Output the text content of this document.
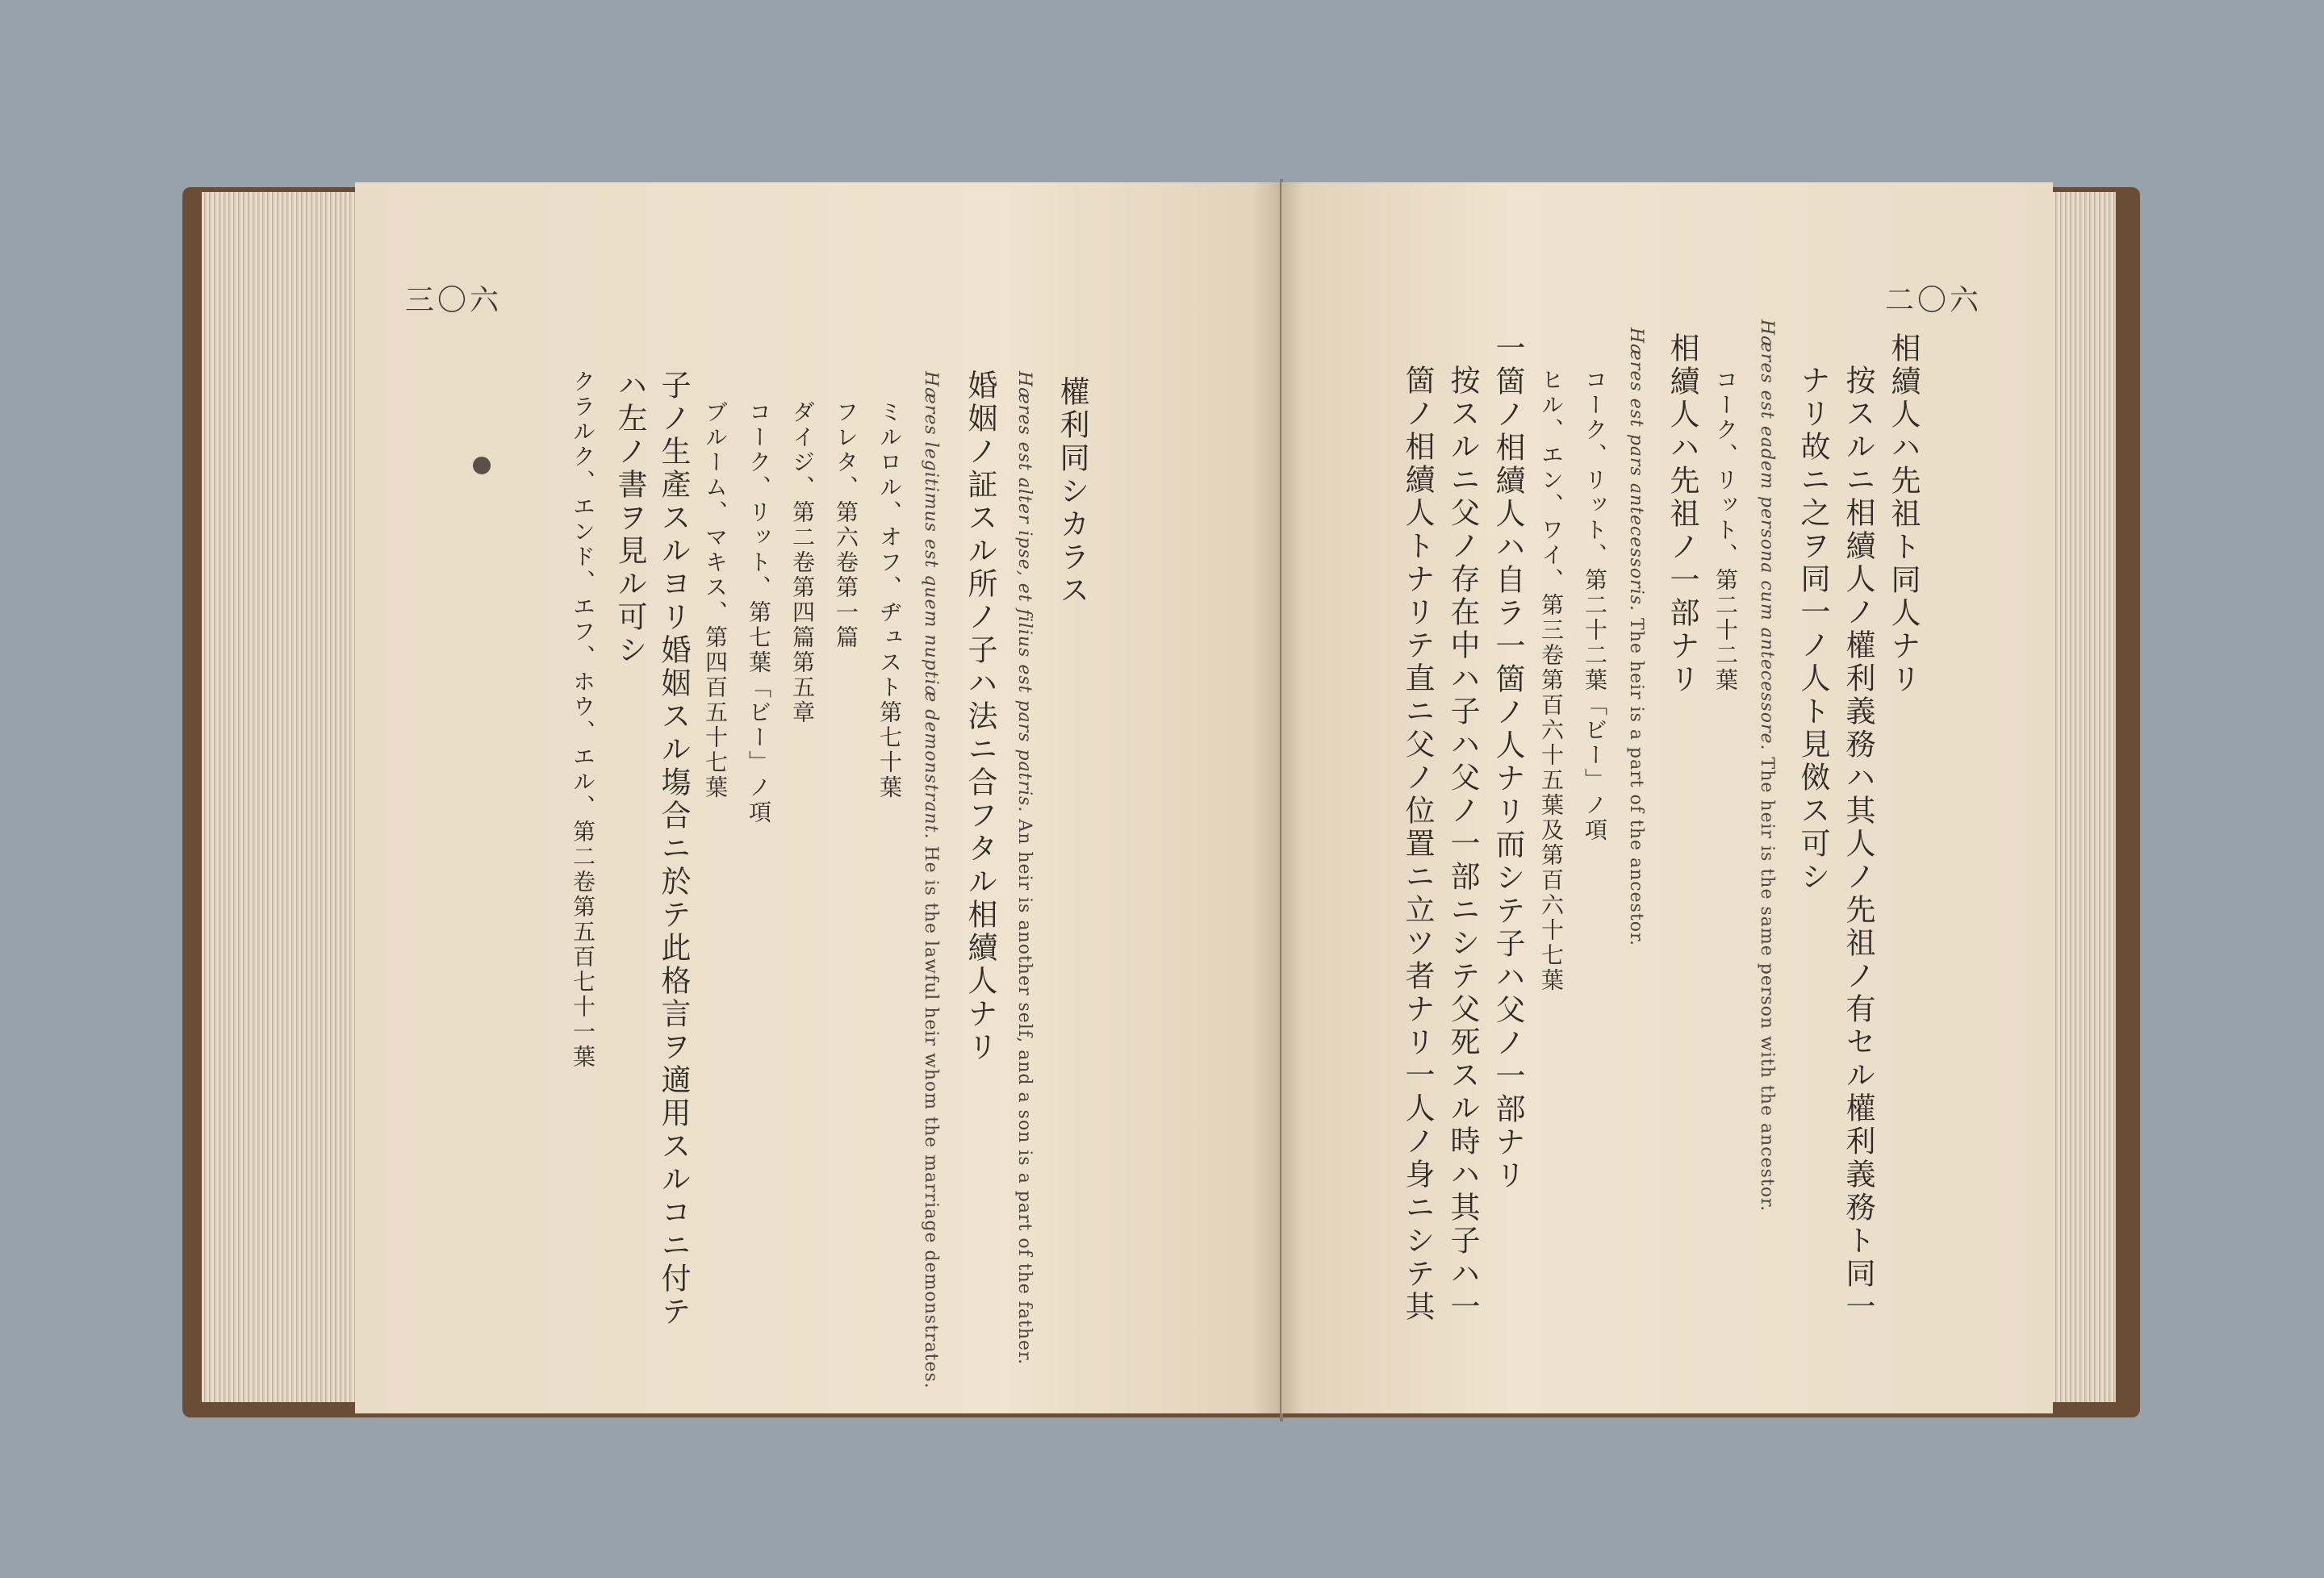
三〇六
權利同シカラス
Hæres est alter ipse, et filius est pars patris. An heir is another self, and a son is a part of the father.
婚姻ノ証スル所ノ子ハ法ニ合フタル相續人ナリ
Hæres legitimus est quem nuptiæ demonstrant. He is the lawful heir whom the marriage demonstrates.
ミルロル、オフ、ヂュスト第七十葉
フレタ、第六卷第一篇
ダイジ、第二卷第四篇第五章
コーク、リット、第七葉「ビー」ノ項
ブルーム、マキス、第四百五十七葉
子ノ生產スルヨリ婚姻スル塲合ニ於テ此格言ヲ適用スルコニ付テ
ハ左ノ書ヲ見ル可シ
クラルク、エンド、エフ、ホウ、エル、第二卷第五百七十一葉
二〇六
相續人ハ先祖ト同人ナリ
按スルニ相續人ノ權利義務ハ其人ノ先祖ノ有セル權利義務ト同一
ナリ故ニ之ヲ同一ノ人ト見傚ス可シ
Hæres est eadem persona cum antecessore. The heir is the same person with the ancestor.
コーク、リット、第二十二葉
相續人ハ先祖ノ一部ナリ
Hæres est pars antecessoris. The heir is a part of the ancestor.
コーク、リット、第二十二葉「ビー」ノ項
ヒル、エン、ワイ、第三卷第百六十五葉及第百六十七葉
一箇ノ相續人ハ自ラ一箇ノ人ナリ而シテ子ハ父ノ一部ナリ
按スルニ父ノ存在中ハ子ハ父ノ一部ニシテ父死スル時ハ其子ハ一
箇ノ相續人トナリテ直ニ父ノ位置ニ立ツ者ナリ一人ノ身ニシテ其
